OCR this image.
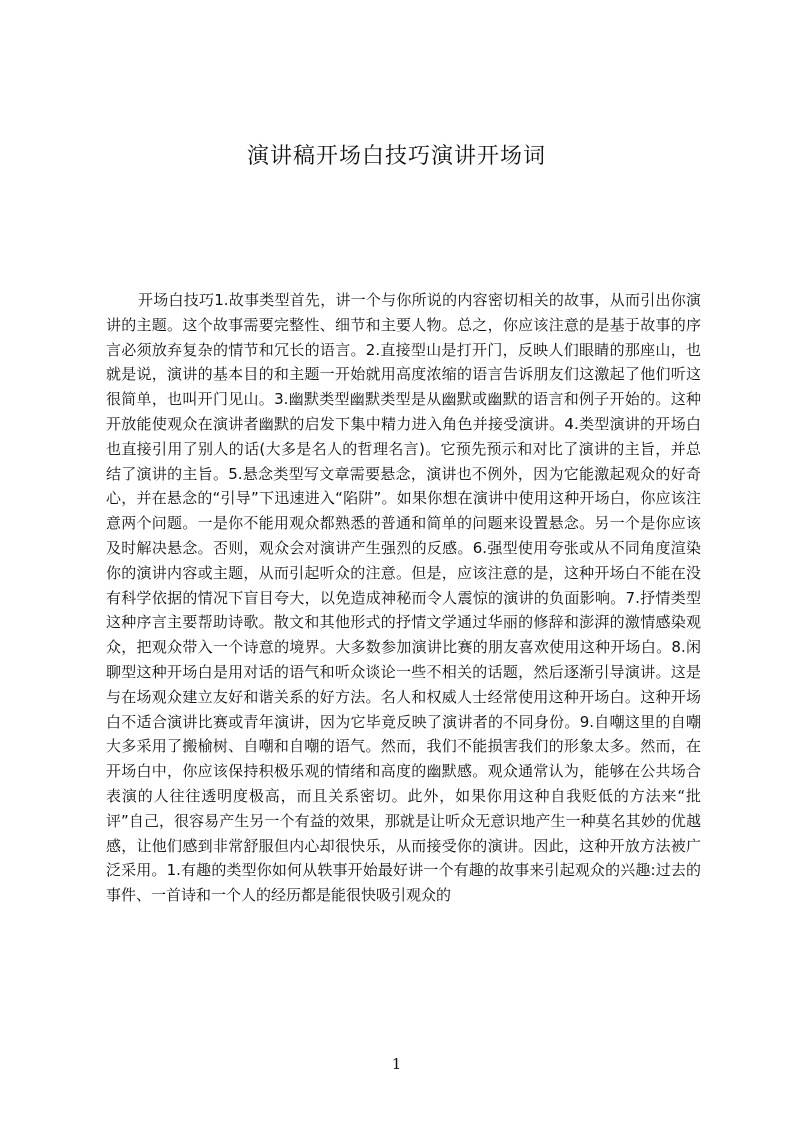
演讲稿开场白技巧演讲开场词

开场白技巧1.故事类型首先，讲一个与你所说的内容密切相关的故事，从而引出你演讲的主题。这个故事需要完整性、细节和主要人物。总之，你应该注意的是基于故事的序言必须放弃复杂的情节和冗长的语言。2.直接型山是打开门，反映人们眼睛的那座山，也就是说，演讲的基本目的和主题一开始就用高度浓缩的语言告诉朋友们这激起了他们听这很简单，也叫开门见山。3.幽默类型幽默类型是从幽默或幽默的语言和例子开始的。这种开放能使观众在演讲者幽默的启发下集中精力进入角色并接受演讲。4.类型演讲的开场白也直接引用了别人的话(大多是名人的哲理名言)。它预先预示和对比了演讲的主旨，并总结了演讲的主旨。5.悬念类型写文章需要悬念，演讲也不例外，因为它能激起观众的好奇心，并在悬念的“引导”下迅速进入“陷阱”。如果你想在演讲中使用这种开场白，你应该注意两个问题。一是你不能用观众都熟悉的普通和简单的问题来设置悬念。另一个是你应该及时解决悬念。否则，观众会对演讲产生强烈的反感。6.强型使用夸张或从不同角度渲染你的演讲内容或主题，从而引起听众的注意。但是，应该注意的是，这种开场白不能在没有科学依据的情况下盲目夸大，以免造成神秘而令人震惊的演讲的负面影响。7.抒情类型这种序言主要帮助诗歌。散文和其他形式的抒情文学通过华丽的修辞和澎湃的激情感染观众，把观众带入一个诗意的境界。大多数参加演讲比赛的朋友喜欢使用这种开场白。8.闲聊型这种开场白是用对话的语气和听众谈论一些不相关的话题，然后逐渐引导演讲。这是与在场观众建立友好和谐关系的好方法。名人和权威人士经常使用这种开场白。这种开场白不适合演讲比赛或青年演讲，因为它毕竟反映了演讲者的不同身份。9.自嘲这里的自嘲大多采用了搬榆树、自嘲和自嘲的语气。然而，我们不能损害我们的形象太多。然而，在开场白中，你应该保持积极乐观的情绪和高度的幽默感。观众通常认为，能够在公共场合表演的人往往透明度极高，而且关系密切。此外，如果你用这种自我贬低的方法来“批评”自己，很容易产生另一个有益的效果，那就是让听众无意识地产生一种莫名其妙的优越感，让他们感到非常舒服但内心却很快乐，从而接受你的演讲。因此，这种开放方法被广泛采用。1.有趣的类型你如何从轶事开始最好讲一个有趣的故事来引起观众的兴趣:过去的事件、一首诗和一个人的经历都是能很快吸引观众的

1
